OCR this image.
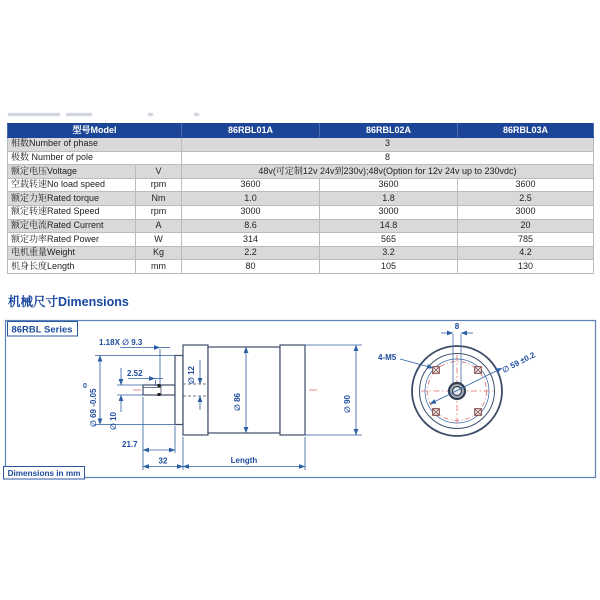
型号Model		86RBL01A	86RBL02A	86RBL03A
相数Number of phase		3		
极数 Number of pole		8		
额定电压Voltage	V	48v(可定制12v 24v到230v);48v(Option for 12v 24v up to 230vdc)		
空载转速No load speed	rpm	3600	3600	3600
额定力矩Rated torque	Nm	1.0	1.8	2.5
额定转速Rated Speed	rpm	3000	3000	3000
额定电流Rated Current	A	8.6	14.8	20
额定功率Rated Power	W	314	565	785
电机重量Weight	Kg	2.2	3.2	4.2
机身长度Length	mm	80	105	130
机械尺寸Dimensions
86RBL Series
1.18X ∅ 9.3
2.52
0
∅ 69 -0.05 ∅ 10
∅ 12
∅ 86	∅ 90
21.7
32	Length
8
4-M5	∅ 59 ±0.2
Dimensions in mm
